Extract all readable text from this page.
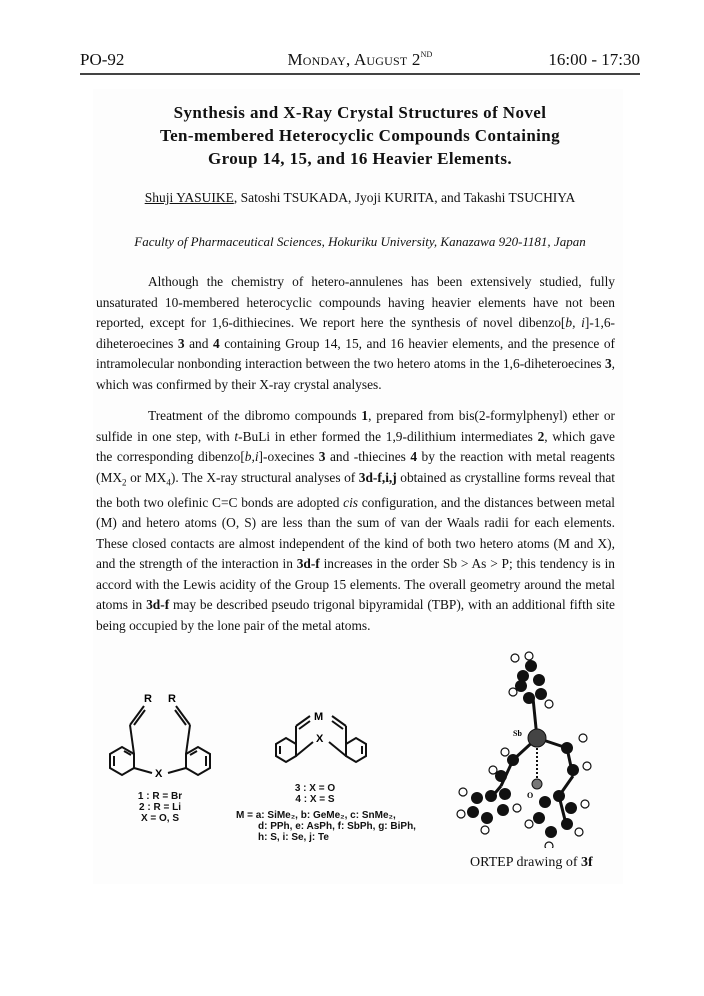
PO-92	Monday, August 2ND	16:00 - 17:30
Synthesis and X-Ray Crystal Structures of Novel
Ten-membered Heterocyclic Compounds Containing
Group 14, 15, and 16 Heavier Elements.
Shuji YASUIKE, Satoshi TSUKADA, Jyoji KURITA, and Takashi TSUCHIYA
Faculty of Pharmaceutical Sciences, Hokuriku University, Kanazawa 920-1181, Japan

Although the chemistry of hetero-annulenes has been extensively studied, fully unsaturated 10-membered heterocyclic compounds having heavier elements have not been reported, except for 1,6-dithiecines. We report here the synthesis of novel dibenzo[b, i]-1,6-diheteroecines 3 and 4 containing Group 14, 15, and 16 heavier elements, and the presence of intramolecular nonbonding interaction between the two hetero atoms in the 1,6-diheteroecines 3, which was confirmed by their X-ray crystal analyses.

Treatment of the dibromo compounds 1, prepared from bis(2-formylphenyl) ether or sulfide in one step, with t-BuLi in ether formed the 1,9-dilithium intermediates 2, which gave the corresponding dibenzo[b,i]-oxecines 3 and -thiecines 4 by the reaction with metal reagents ($MX_2$ or $MX_4$). The X-ray structural analyses of 3d-f,i,j obtained as crystalline forms reveal that the both two olefinic C=C bonds are adopted cis configuration, and the distances between metal (M) and hetero atoms (O, S) are less than the sum of van der Waals radii for each elements. These closed contacts are almost independent of the kind of both two hetero atoms (M and X), and the strength of the interaction in 3d-f increases in the order Sb > As > P; this tendency is in accord with the Lewis acidity of the Group 15 elements. The overall geometry around the metal atoms in 3d-f may be described pseudo trigonal bipyramidal (TBP), with an additional fifth site being occupied by the lone pair of the metal atoms.

R R
X
1 : R = Br
2 : R = Li
X = O, S
M
X
3 : X = O
4 : X = S
M = a: SiMe₂, b: GeMe₂, c: SnMe₂,
d: PPh, e: AsPh, f: SbPh, g: BiPh,
h: S, i: Se, j: Te
Sb
O
ORTEP drawing of 3f
